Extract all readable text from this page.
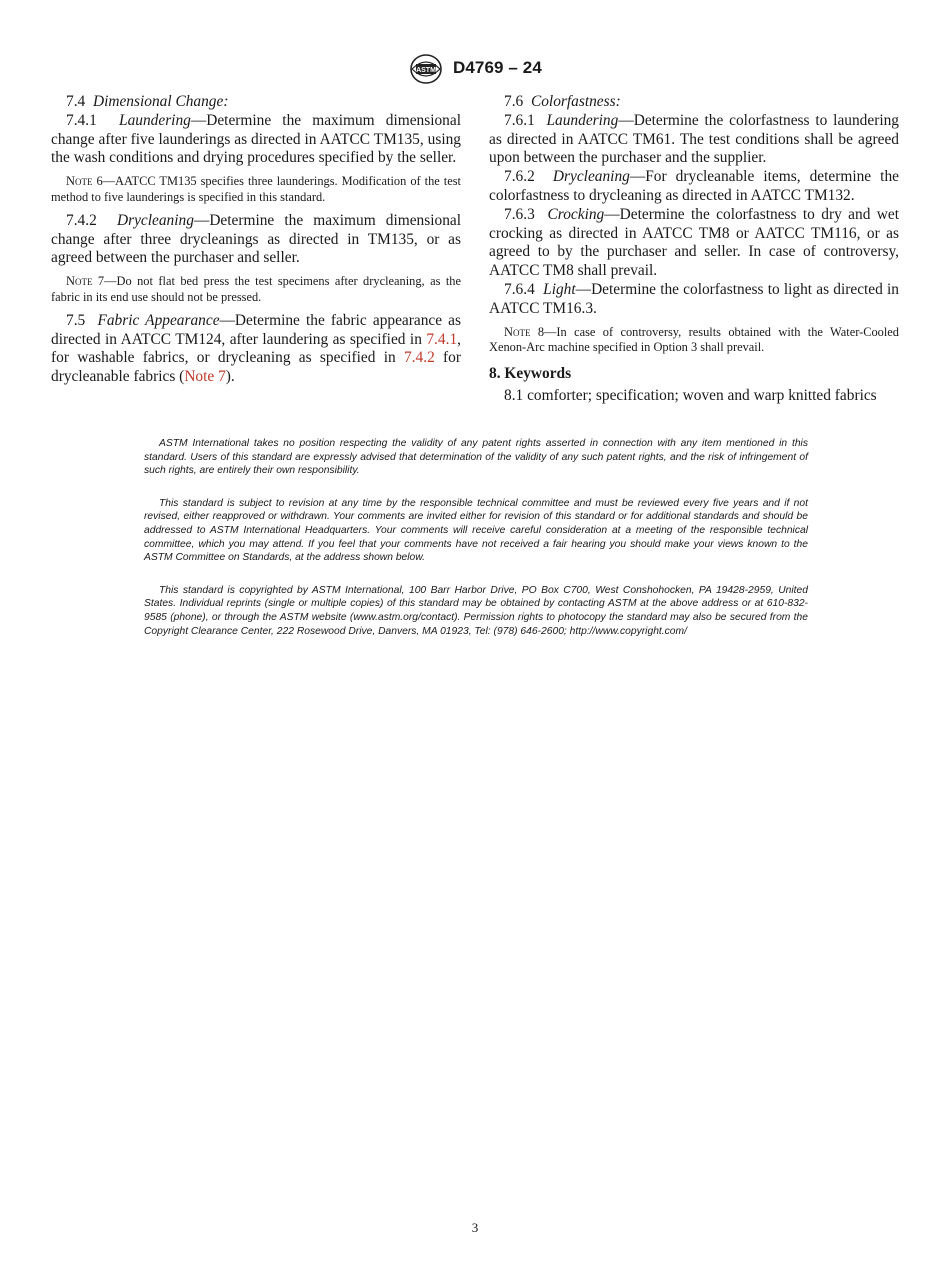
ASTM D4769 – 24

7.4 Dimensional Change:

7.4.1 Laundering—Determine the maximum dimensional change after five launderings as directed in AATCC TM135, using the wash conditions and drying procedures specified by the seller.

Note 6—AATCC TM135 specifies three launderings. Modification of the test method to five launderings is specified in this standard.

7.4.2 Drycleaning—Determine the maximum dimensional change after three drycleanings as directed in TM135, or as agreed between the purchaser and seller.

Note 7—Do not flat bed press the test specimens after drycleaning, as the fabric in its end use should not be pressed.

7.5 Fabric Appearance—Determine the fabric appearance as directed in AATCC TM124, after laundering as specified in 7.4.1, for washable fabrics, or drycleaning as specified in 7.4.2 for drycleanable fabrics (Note 7).

7.6 Colorfastness:

7.6.1 Laundering—Determine the colorfastness to laundering as directed in AATCC TM61. The test conditions shall be agreed upon between the purchaser and the supplier.

7.6.2 Drycleaning—For drycleanable items, determine the colorfastness to drycleaning as directed in AATCC TM132.

7.6.3 Crocking—Determine the colorfastness to dry and wet crocking as directed in AATCC TM8 or AATCC TM116, or as agreed to by the purchaser and seller. In case of controversy, AATCC TM8 shall prevail.

7.6.4 Light—Determine the colorfastness to light as directed in AATCC TM16.3.

Note 8—In case of controversy, results obtained with the Water-Cooled Xenon-Arc machine specified in Option 3 shall prevail.

8. Keywords

8.1 comforter; specification; woven and warp knitted fabrics

ASTM International takes no position respecting the validity of any patent rights asserted in connection with any item mentioned in this standard. Users of this standard are expressly advised that determination of the validity of any such patent rights, and the risk of infringement of such rights, are entirely their own responsibility.

This standard is subject to revision at any time by the responsible technical committee and must be reviewed every five years and if not revised, either reapproved or withdrawn. Your comments are invited either for revision of this standard or for additional standards and should be addressed to ASTM International Headquarters. Your comments will receive careful consideration at a meeting of the responsible technical committee, which you may attend. If you feel that your comments have not received a fair hearing you should make your views known to the ASTM Committee on Standards, at the address shown below.

This standard is copyrighted by ASTM International, 100 Barr Harbor Drive, PO Box C700, West Conshohocken, PA 19428-2959, United States. Individual reprints (single or multiple copies) of this standard may be obtained by contacting ASTM at the above address or at 610-832-9585 (phone), or through the ASTM website (www.astm.org/contact). Permission rights to photocopy the standard may also be secured from the Copyright Clearance Center, 222 Rosewood Drive, Danvers, MA 01923, Tel: (978) 646-2600; http://www.copyright.com/

3
